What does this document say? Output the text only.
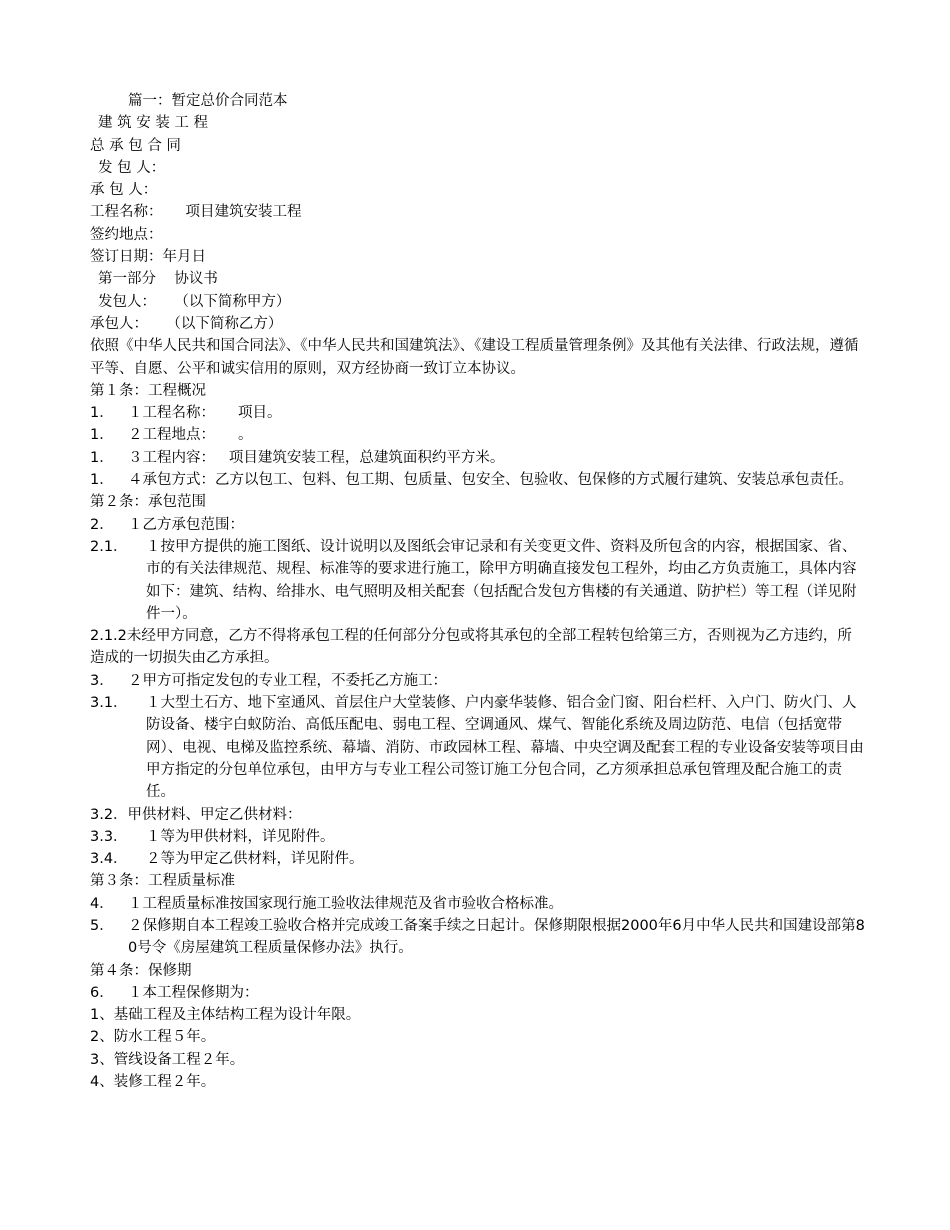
篇一：暂定总价合同范本

建 筑 安 装 工 程

总 承 包 合 同

发 包 人：

承 包 人：

工程名称：     项目建筑安装工程

签约地点：

签订日期：年月日

第一部分    协议书

发包人：    （以下简称甲方）

承包人：    （以下简称乙方）

依照《中华人民共和国合同法》、《中华人民共和国建筑法》、《建设工程质量管理条例》及其他有关法律、行政法规，遵循平等、自愿、公平和诚实信用的原则，双方经协商一致订立本协议。

第１条：工程概况

1． １工程名称：     项目。
1． ２工程地点：     。
1． ３工程内容：   项目建筑安装工程，总建筑面积约平方米。
1． ４承包方式：乙方以包工、包料、包工期、包质量、包安全、包验收、包保修的方式履行建筑、安装总承包责任。

第２条：承包范围

2． １乙方承包范围：
2.1．	１按甲方提供的施工图纸、设计说明以及图纸会审记录和有关变更文件、资料及所包含的内容，根据国家、省、市的有关法律规范、规程、标准等的要求进行施工，除甲方明确直接发包工程外，均由乙方负责施工，具体内容如下：建筑、结构、给排水、电气照明及相关配套（包括配合发包方售楼的有关通道、防护栏）等工程（详见附件一）。

2.1.2未经甲方同意，乙方不得将承包工程的任何部分分包或将其承包的全部工程转包给第三方，否则视为乙方违约，所造成的一切损失由乙方承担。

3． ２甲方可指定发包的专业工程，不委托乙方施工：
3.1．	１大型土石方、地下室通风、首层住户大堂装修、户内豪华装修、铝合金门窗、阳台栏杆、入户门、防火门、人防设备、楼宇白蚁防治、高低压配电、弱电工程、空调通风、煤气、智能化系统及周边防范、电信（包括宽带网）、电视、电梯及监控系统、幕墙、消防、市政园林工程、幕墙、中央空调及配套工程的专业设备安装等项目由甲方指定的分包单位承包，由甲方与专业工程公司签订施工分包合同，乙方须承担总承包管理及配合施工的责任。

3.2．甲供材料、甲定乙供材料：

3.3．	１等为甲供材料，详见附件。
3.4．	２等为甲定乙供材料，详见附件。

第３条：工程质量标准

4． １工程质量标准按国家现行施工验收法律规范及省市验收合格标准。
5． ２保修期自本工程竣工验收合格并完成竣工备案手续之日起计。保修期限根据2000年6月中华人民共和国建设部第80号令《房屋建筑工程质量保修办法》执行。

第４条：保修期

6． １本工程保修期为：

1、基础工程及主体结构工程为设计年限。

2、防水工程５年。

3、管线设备工程２年。

4、装修工程２年。
